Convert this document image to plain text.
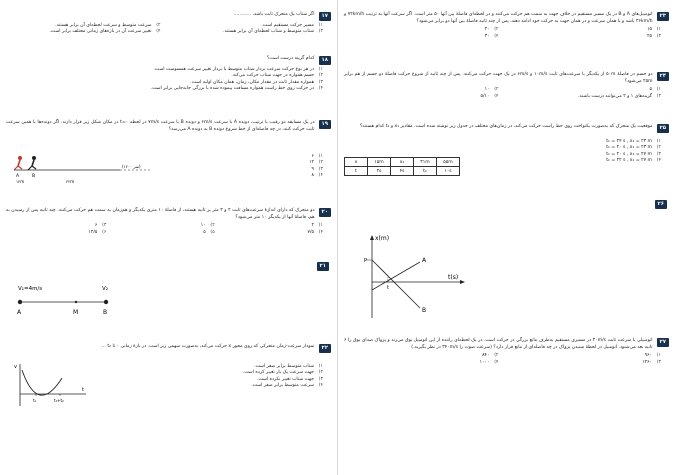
۲۳
اتومبیل‌های A و B در یک مسیر مستقیم در خلاف جهت به سمت هم حرکت می‌کنند و در لحظه‌ای فاصلهٔ بین آنها ۵۰ متر است. اگر سرعت آنها به ترتیب ۷۲km/h و ۳۶km/h باشد و با همان سرعت و در همان جهت به حرکت خود ادامه دهند، پس از چند ثانیه فاصلهٔ بین آنها دو برابر می‌شود؟
۱)
۱۵
۲)
۲۰
۳)
۲۵
۴)
۳۰
۲۴
دو جسم در فاصلهٔ ۵۰m از یکدیگر با سرعت‌های ثابت ۱۰m/s و ۶m/s در یک جهت حرکت می‌کنند. پس از چند ثانیه از شروع حرکت فاصلهٔ دو جسم از هم برابر ۲۵m می‌شود؟
۱)
۵
۲)
۱۰
۳)
گزینه‌های ۱ و ۲ می‌توانند درست باشند.
۴)
۵/۱۰
۲۵
موقعیت یک متحرک که به‌صورت یکنواخت روی خط راست حرکت می‌کند، در زمان‌های مختلف در جدول زیر نوشته شده است. مقادیر x₁ و t₁ کدام هستند؟
۱)
t₁ = ۲۴ s , x₁ = ۲۳ m
۲)
t₁ = ۲۰ s , x₁ = ۲۳ m
۳)
t₁ = ۲۰ s , x₁ = ۲۷ m
۴)
t₁ = ۲۲ s , x₁ = ۲۷ m
x	۱۵m	x₁	۳۱m	۵۵m
t	۲s	۴s	t₁	۱۰s
۲۶
x(m)
t(s)
A
B
P
t
۲۷
اتومبیلی با سرعت ثابت ۳۰m/s در مسیری مستقیم به‌طرف مانع بزرگی در حرکت است. در یک لحظه‌ای راننده از این اتومبیل بوق می‌زند و پژواک صدای بوق را ۶ ثانیه بعد می‌شنود. اتومبیل در لحظهٔ شنیدن پژواک در چه فاصله‌ای از مانع قرار دارد؟ (سرعت صوت را ۳۴۰m/s در نظر بگیرید.)
۱)
۹۶۰
۲)
۸۴۰
۳)
۱۲۶۰
۴)
۱۰۰۰
۱۷
اگر شتاب یک متحرک ثابت باشد، ............
۱)
مسیر حرکت مستقیم است.
۲)
سرعت متوسط و سرعت لحظه‌ای آن برابر هستند.
۳)
شتاب متوسط و شتاب لحظه‌ای آن برابر هستند.
۴)
تغییر سرعت آن در بازه‌های زمانی مختلف برابر است.
۱۸
کدام گزینه درست است؟
۱)
در هر نوع حرکت سرعت بردار شتاب متوسط با بردار تغییر سرعت همسوست است.
۲)
جسم همواره در جهت شتاب حرکت می‌کند.
۳)
همواره مقدار ثابت در مقدار مکان، زمان، همان مکان اولیه است.
۴)
در حرکت روی خط راست همواره مسافت پیموده شده با بزرگی جابه‌جایی برابر است.
۱۹
در یک مسابقه دو رقیب با ترتیب، دونده A با سرعت ۶m/s و دونده B با سرعت ۷m/s در لحظه t=۰ در مکان شکل زیر قرار دارند. اگر دونده‌ها با همین سرعت ثابت حرکت کنند، در چه فاصله‌ای از خط شروع دونده B به دونده A می‌رسد؟
A	B
۱۲m	۲۲m
(۱۲۰۰ متر)
۱)
۶
۲)
۱۲
۳)
۹
۴)
۸
۲۰
دو متحرک که دارای اندازهٔ سرعت‌های ثابت ۲ و ۳ متر بر ثانیه هستند، از فاصلهٔ ۱۰ متری یکدیگر و هم‌زمان به سمت هم حرکت می‌کنند. چند ثانیه پس از رسیدن به هم، فاصلهٔ آنها از یکدیگر ۱۰ متر می‌شود؟
۱)
۲
۲)
۱۰
۳)
۶
۴)
۷/۵
۵)
۵
۶)
۱۲/۵
۲۱
V₁=4m/s	V₂
A	M	B
۲۲
نمودار سرعت-زمان متحرکی که روی محور x حرکت می‌کند، به‌صورت سهمی زیر است. در بازهٔ زمانی ۰ تا t₂ ...
v
t
t₁	t₁+t₂
۱)
شتاب متوسط برابر صفر است.
۲)
جهت سرعت یک بار تغییر کرده است.
۳)
جهت شتاب تغییر نکرده است.
۴)
سرعت متوسط برابر صفر است.
